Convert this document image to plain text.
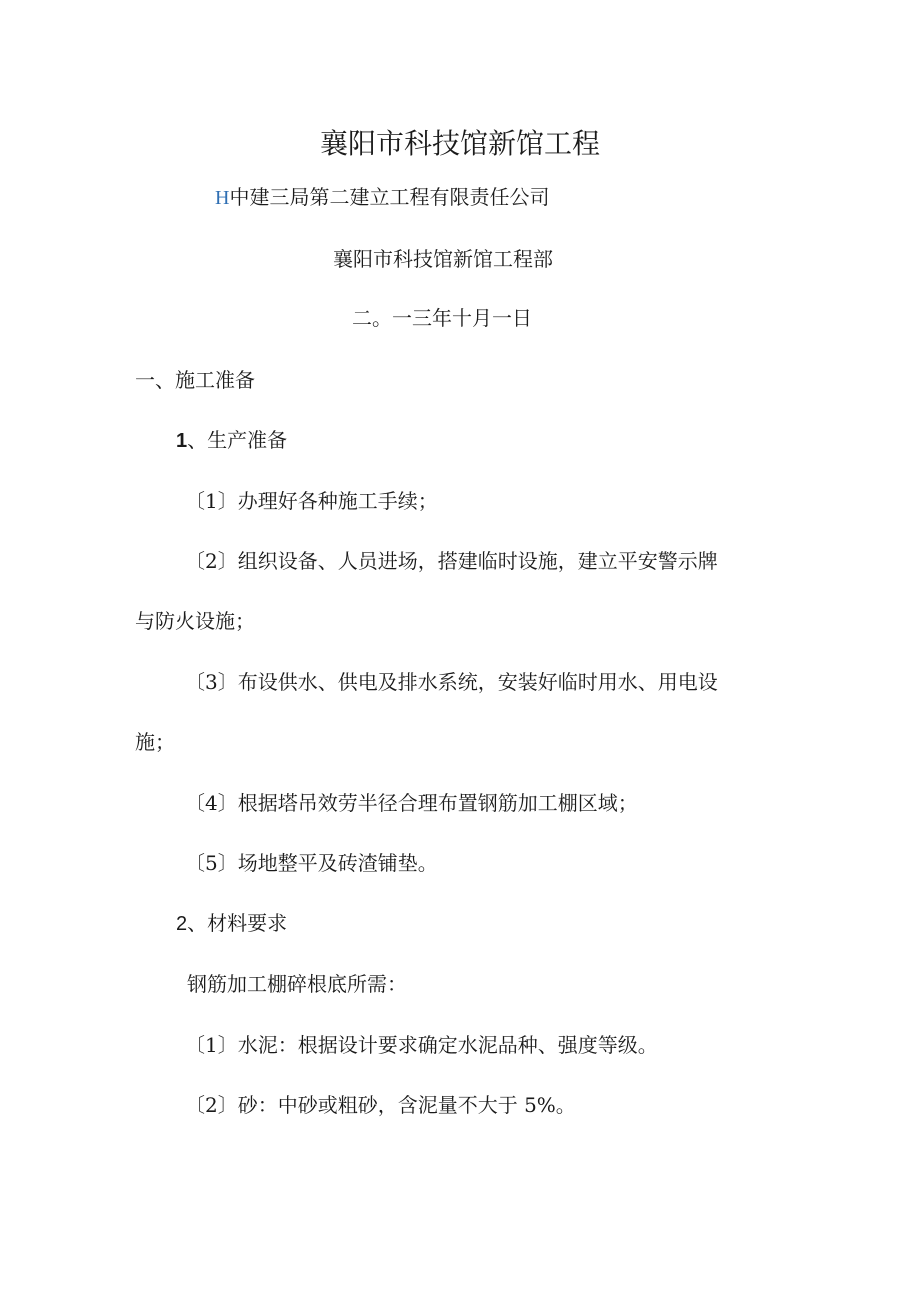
襄阳市科技馆新馆工程
H中建三局第二建立工程有限责任公司
襄阳市科技馆新馆工程部
二。一三年十月一日
一、施工准备
1、生产准备
〔1〕办理好各种施工手续；
〔2〕组织设备、人员进场，搭建临时设施，建立平安警示牌
与防火设施；
〔3〕布设供水、供电及排水系统，安装好临时用水、用电设
施；
〔4〕根据塔吊效劳半径合理布置钢筋加工棚区域；
〔5〕场地整平及砖渣铺垫。
2、材料要求
钢筋加工棚碎根底所需：
〔1〕水泥：根据设计要求确定水泥品种、强度等级。
〔2〕砂：中砂或粗砂，含泥量不大于 5%。
